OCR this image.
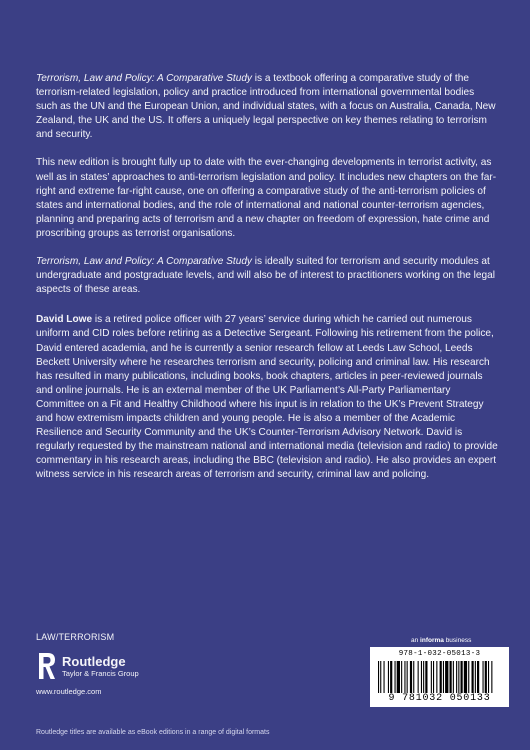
Terrorism, Law and Policy: A Comparative Study is a textbook offering a comparative study of the terrorism-related legislation, policy and practice introduced from international governmental bodies such as the UN and the European Union, and individual states, with a focus on Australia, Canada, New Zealand, the UK and the US. It offers a uniquely legal perspective on key themes relating to terrorism and security.

This new edition is brought fully up to date with the ever-changing developments in terrorist activity, as well as in states’ approaches to anti-terrorism legislation and policy. It includes new chapters on the far-right and extreme far-right cause, one on offering a comparative study of the anti-terrorism policies of states and international bodies, and the role of international and national counter-terrorism agencies, planning and preparing acts of terrorism and a new chapter on freedom of expression, hate crime and proscribing groups as terrorist organisations.

Terrorism, Law and Policy: A Comparative Study is ideally suited for terrorism and security modules at undergraduate and postgraduate levels, and will also be of interest to practitioners working on the legal aspects of these areas.

David Lowe is a retired police officer with 27 years’ service during which he carried out numerous uniform and CID roles before retiring as a Detective Sergeant. Following his retirement from the police, David entered academia, and he is currently a senior research fellow at Leeds Law School, Leeds Beckett University where he researches terrorism and security, policing and criminal law. His research has resulted in many publications, including books, book chapters, articles in peer-reviewed journals and online journals. He is an external member of the UK Parliament’s All-Party Parliamentary Committee on a Fit and Healthy Childhood where his input is in relation to the UK’s Prevent Strategy and how extremism impacts children and young people. He is also a member of the Academic Resilience and Security Community and the UK’s Counter-Terrorism Advisory Network. David is regularly requested by the mainstream national and international media (television and radio) to provide commentary in his research areas, including the BBC (television and radio). He also provides an expert witness service in his research areas of terrorism and security, criminal law and policing.

LAW/TERRORISM
Routledge
Taylor & Francis Group
www.routledge.com
Routledge titles are available as eBook editions in a range of digital formats
an informa business
978-1-032-05013-3
9 781032 050133
